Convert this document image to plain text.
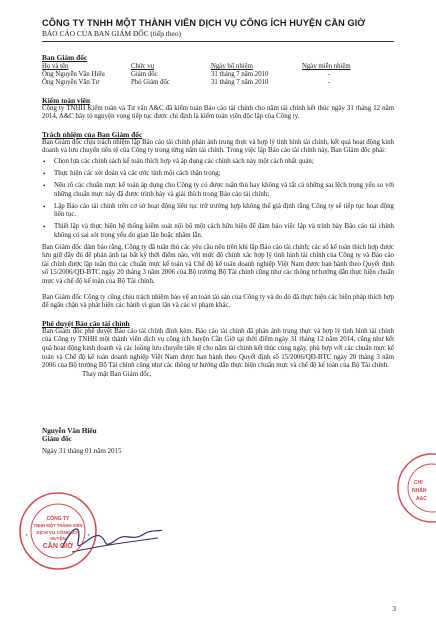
CÔNG TY TNHH MỘT THÀNH VIÊN DỊCH VỤ CÔNG ÍCH HUYỆN CẦN GIỜ

BÁO CÁO CỦA BAN GIÁM ĐỐC (tiếp theo)

Ban Giám đốc

Họ và tên	Chức vụ	Ngày bổ nhiệm	Ngày miễn nhiệm
Ông Nguyễn Văn Hiếu	Giám đốc	31 tháng 7 năm 2010	-
Ông Nguyễn Văn Tư	Phó Giám đốc	31 tháng 7 năm 2010	-

Kiểm toán viên

Công ty TNHH Kiểm toán và Tư vấn A&C đã kiểm toán Báo cáo tài chính cho năm tài chính kết thúc ngày 31 tháng 12 năm 2014, A&C bày tỏ nguyện vọng tiếp tục được chỉ định là kiểm toán viên độc lập của Công ty.

Trách nhiệm của Ban Giám đốc

Ban Giám đốc chịu trách nhiệm lập Báo cáo tài chính phản ánh trung thực và hợp lý tình hình tài chính, kết quả hoạt động kinh doanh và lưu chuyển tiền tệ của Công ty trong từng năm tài chính. Trong việc lập Báo cáo tài chính này, Ban Giám đốc phải:

• Chọn lựa các chính sách kế toán thích hợp và áp dụng các chính sách này một cách nhất quán;
• Thực hiện các xét đoán và các ước tính một cách thận trọng;
• Nêu rõ các chuẩn mực kế toán áp dụng cho Công ty có được tuân thủ hay không và tất cả những sai lệch trọng yếu so với những chuẩn mực này đã được trình bày và giải thích trong Báo cáo tài chính;
• Lập Báo cáo tài chính trên cơ sở hoạt động liên tục trừ trường hợp không thể giả định rằng Công ty sẽ tiếp tục hoạt động liên tục.
• Thiết lập và thực hiện hệ thống kiểm soát nội bộ một cách hữu hiệu để đảm bảo việc lập và trình bày Báo cáo tài chính không có sai sót trọng yếu do gian lận hoặc nhầm lẫn.

Ban Giám đốc đảm bảo rằng, Công ty đã tuân thủ các yêu cầu nêu trên khi lập Báo cáo tài chính; các sổ kế toán thích hợp được lưu giữ đầy đủ để phản ánh tại bất kỳ thời điểm nào, với mức độ chính xác hợp lý tình hình tài chính của Công ty và Báo cáo tài chính được lập tuân thủ các chuẩn mực kế toán và Chế độ kế toán doanh nghiệp Việt Nam được ban hành theo Quyết định số 15/2006/QĐ-BTC ngày 20 tháng 3 năm 2006 của Bộ trưởng Bộ Tài chính cũng như các thông tư hướng dẫn thực hiện chuẩn mực và chế độ kế toán của Bộ Tài chính.

Ban Giám đốc Công ty cũng chịu trách nhiệm bảo vệ an toàn tài sản của Công ty và do đó đã thực hiện các biện pháp thích hợp để ngăn chặn và phát hiện các hành vi gian lận và các vi phạm khác.

Phê duyệt Báo cáo tài chính

Ban Giám đốc phê duyệt Báo cáo tài chính đính kèm. Báo cáo tài chính đã phản ánh trung thực và hợp lý tình hình tài chính của Công ty TNHH một thành viên dịch vụ công ích huyện Cần Giờ tại thời điểm ngày 31 tháng 12 năm 2014, cũng như kết quả hoạt động kinh doanh và các luồng lưu chuyển tiền tệ cho năm tài chính kết thúc cùng ngày, phù hợp với các chuẩn mực kế toán và Chế độ kế toán doanh nghiệp Việt Nam được ban hành theo Quyết định số 15/2006/QĐ-BTC ngày 20 tháng 3 năm 2006 của Bộ trưởng Bộ Tài chính cũng như các thông tư hướng dẫn thực hiện chuẩn mực và chế độ kế toán của Bộ Tài chính.

Thay mặt Ban Giám đốc,

Nguyễn Văn Hiếu

Giám đốc

Ngày 31 tháng 01 năm 2015

CÔNG TY
TNHH MỘT THÀNH VIÊN
DỊCH VỤ CÔNG ÍCH
HUYỆN
CẦN GIỜ
★	★
CHI
NHÁN
A&C
3
